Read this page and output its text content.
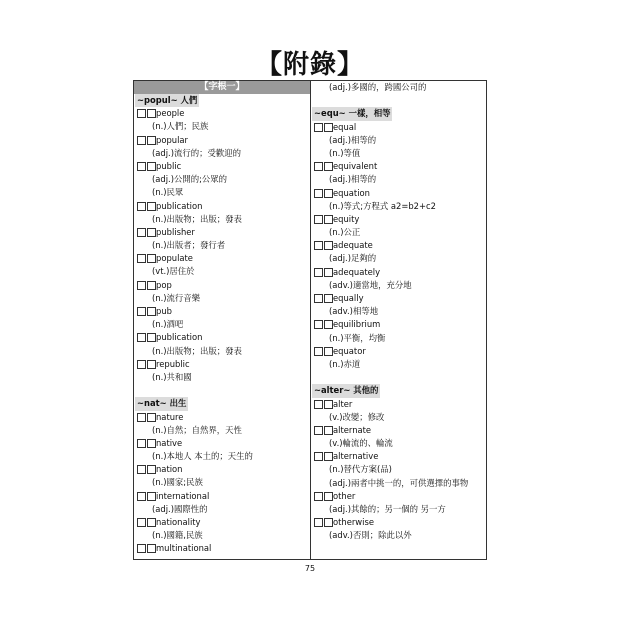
【附錄】
【字根一】
~popul~ 人們
people
(n.)人們；民族
popular
(adj.)流行的；受歡迎的
public
(adj.)公開的;公眾的
(n.)民眾
publication
(n.)出版物；出版；發表
publisher
(n.)出版者；發行者
populate
(vt.)居住於
pop
(n.)流行音樂
pub
(n.)酒吧
publication
(n.)出版物；出版；發表
republic
(n.)共和國
~nat~ 出生
nature
(n.)自然；自然界，天性
native
(n.)本地人 本土的；天生的
nation
(n.)國家;民族
international
(adj.)國際性的
nationality
(n.)國籍,民族
multinational
(adj.)多國的，跨國公司的
~equ~ 一樣，相等
equal
(adj.)相等的
(n.)等值
equivalent
(adj.)相等的
equation
(n.)等式;方程式 a2=b2+c2
equity
(n.)公正
adequate
(adj.)足夠的
adequately
(adv.)適當地，充分地
equally
(adv.)相等地
equilibrium
(n.)平衡，均衡
equator
(n.)赤道
~alter~ 其他的
alter
(v.)改變；修改
alternate
(v.)輪流的、輪流
alternative
(n.)替代方案(品)
(adj.)兩者中挑一的，可供選擇的事物
other
(adj.)其餘的；另一個的 另一方
otherwise
(adv.)否則；除此以外
75
